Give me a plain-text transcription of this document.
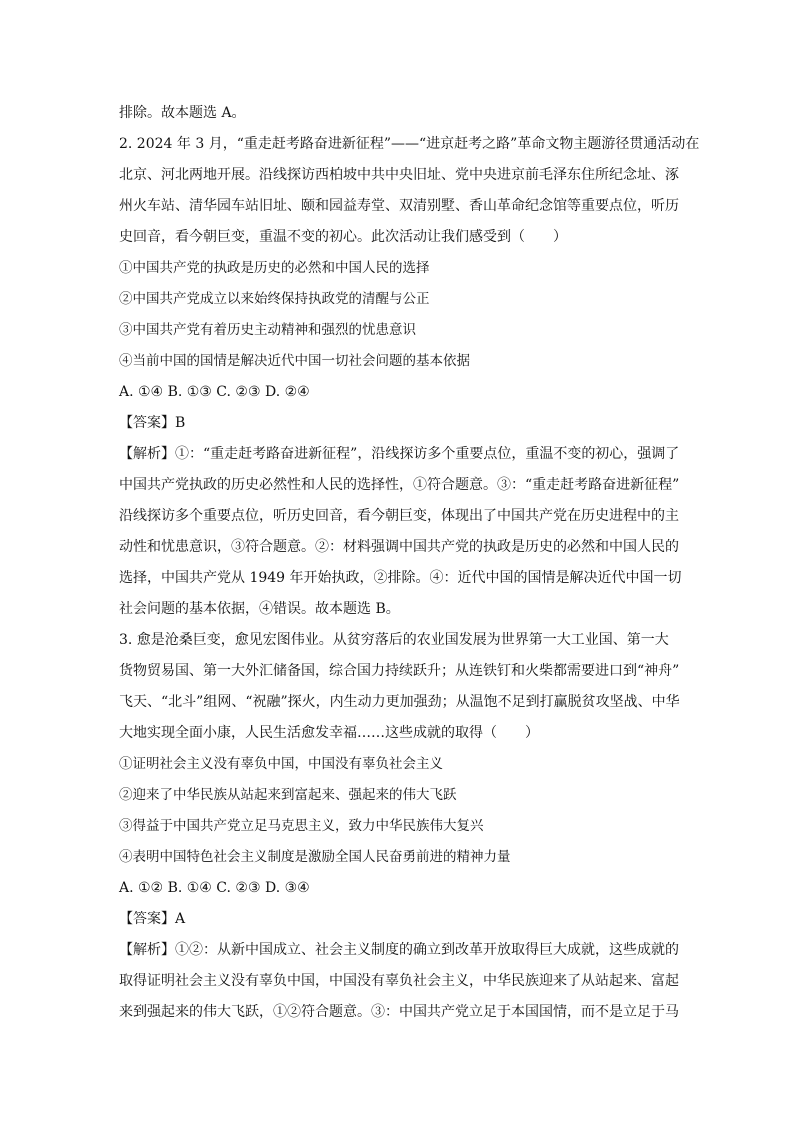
排除。故本题选 A。
2. 2024 年 3 月，“重走赶考路奋进新征程”——“进京赶考之路”革命文物主题游径贯通活动在
北京、河北两地开展。沿线探访西柏坡中共中央旧址、党中央进京前毛泽东住所纪念址、涿
州火车站、清华园车站旧址、颐和园益寿堂、双清别墅、香山革命纪念馆等重要点位，听历
史回音，看今朝巨变，重温不变的初心。此次活动让我们感受到（　　）
①中国共产党的执政是历史的必然和中国人民的选择
②中国共产党成立以来始终保持执政党的清醒与公正
③中国共产党有着历史主动精神和强烈的忧患意识
④当前中国的国情是解决近代中国一切社会问题的基本依据
A. ①④ B. ①③ C. ②③ D. ②④
【答案】B
【解析】①：“重走赶考路奋进新征程”，沿线探访多个重要点位，重温不变的初心，强调了
中国共产党执政的历史必然性和人民的选择性，①符合题意。③：“重走赶考路奋进新征程”
沿线探访多个重要点位，听历史回音，看今朝巨变，体现出了中国共产党在历史进程中的主
动性和忧患意识，③符合题意。②：材料强调中国共产党的执政是历史的必然和中国人民的
选择，中国共产党从 1949 年开始执政，②排除。④：近代中国的国情是解决近代中国一切
社会问题的基本依据，④错误。故本题选 B。
3. 愈是沧桑巨变，愈见宏图伟业。从贫穷落后的农业国发展为世界第一大工业国、第一大
货物贸易国、第一大外汇储备国，综合国力持续跃升；从连铁钉和火柴都需要进口到“神舟”
飞天、“北斗”组网、“祝融”探火，内生动力更加强劲；从温饱不足到打赢脱贫攻坚战、中华
大地实现全面小康，人民生活愈发幸福……这些成就的取得（　　）
①证明社会主义没有辜负中国，中国没有辜负社会主义
②迎来了中华民族从站起来到富起来、强起来的伟大飞跃
③得益于中国共产党立足马克思主义，致力中华民族伟大复兴
④表明中国特色社会主义制度是激励全国人民奋勇前进的精神力量
A. ①② B. ①④ C. ②③ D. ③④
【答案】A
【解析】①②：从新中国成立、社会主义制度的确立到改革开放取得巨大成就，这些成就的
取得证明社会主义没有辜负中国，中国没有辜负社会主义，中华民族迎来了从站起来、富起
来到强起来的伟大飞跃，①②符合题意。③：中国共产党立足于本国国情，而不是立足于马
